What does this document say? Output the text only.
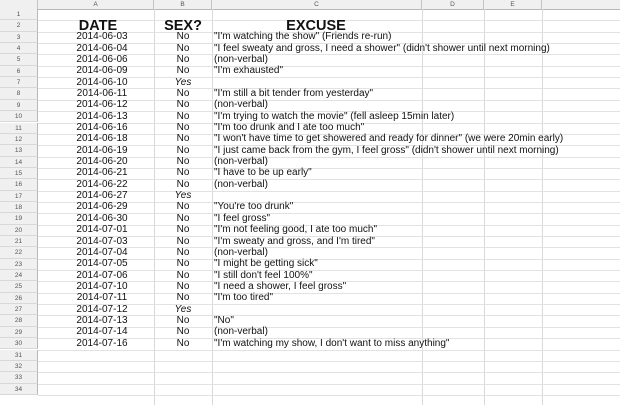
A	B	C	D	E
1
2
3
4
5
6
7
8
9
10
11
12
13
14
15
16
17
18
19
20
21
22
23
24
25
26
27
28
29
30
31
32
33
34
DATE	SEX?	EXCUSE
2014-06-03	No	"I'm watching the show" (Friends re-run)
2014-06-04	No	"I feel sweaty and gross, I need a shower" (didn't shower until next morning)
2014-06-06	No	(non-verbal)
2014-06-09	No	"I'm exhausted"
2014-06-10	Yes
2014-06-11	No	"I'm still a bit tender from yesterday"
2014-06-12	No	(non-verbal)
2014-06-13	No	"I'm trying to watch the movie" (fell asleep 15min later)
2014-06-16	No	"I'm too drunk and I ate too much"
2014-06-18	No	"I won't have time to get showered and ready for dinner" (we were 20min early)
2014-06-19	No	"I just came back from the gym, I feel gross" (didn't shower until next morning)
2014-06-20	No	(non-verbal)
2014-06-21	No	"I have to be up early"
2014-06-22	No	(non-verbal)
2014-06-27	Yes
2014-06-29	No	"You're too drunk"
2014-06-30	No	"I feel gross"
2014-07-01	No	"I'm not feeling good, I ate too much"
2014-07-03	No	"I'm sweaty and gross, and I'm tired"
2014-07-04	No	(non-verbal)
2014-07-05	No	"I might be getting sick"
2014-07-06	No	"I still don't feel 100%"
2014-07-10	No	"I need a shower, I feel gross"
2014-07-11	No	"I'm too tired"
2014-07-12	Yes
2014-07-13	No	"No"
2014-07-14	No	(non-verbal)
2014-07-16	No	"I'm watching my show, I don't want to miss anything"
